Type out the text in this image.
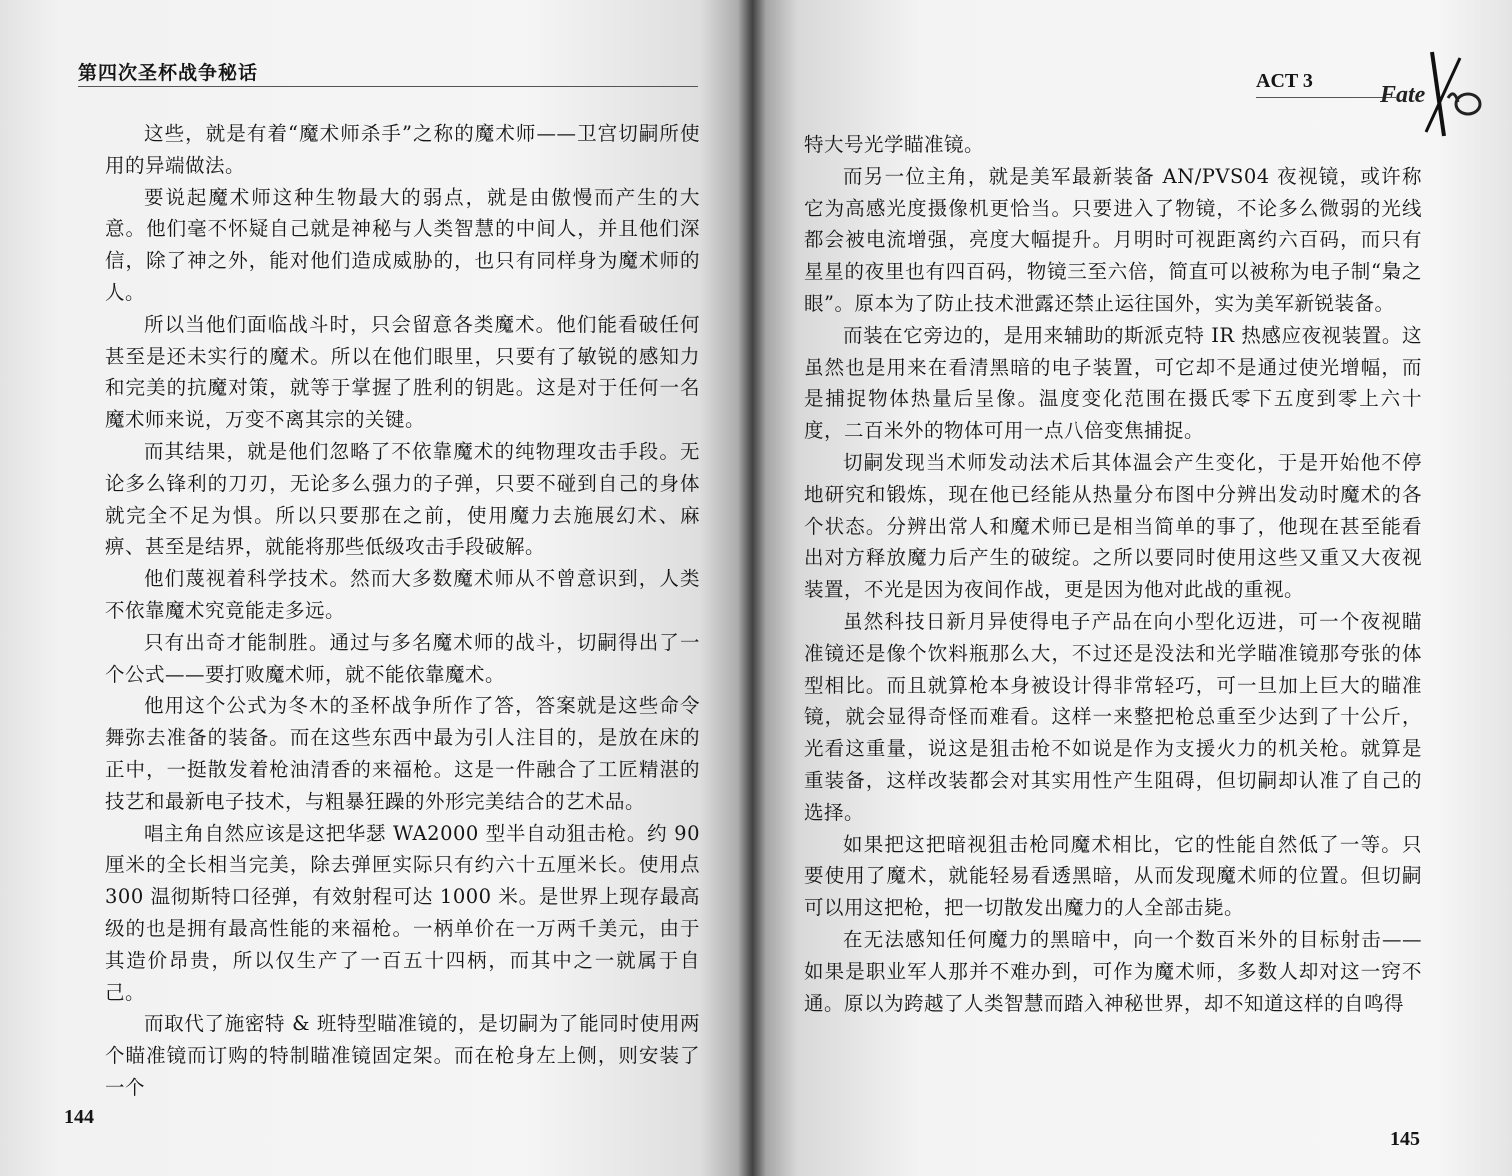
第四次圣杯战争秘话

这些，就是有着“魔术师杀手”之称的魔术师——卫宫切嗣所使用的异端做法。

要说起魔术师这种生物最大的弱点，就是由傲慢而产生的大意。他们毫不怀疑自己就是神秘与人类智慧的中间人，并且他们深信，除了神之外，能对他们造成威胁的，也只有同样身为魔术师的人。

所以当他们面临战斗时，只会留意各类魔术。他们能看破任何甚至是还未实行的魔术。所以在他们眼里，只要有了敏锐的感知力和完美的抗魔对策，就等于掌握了胜利的钥匙。这是对于任何一名魔术师来说，万变不离其宗的关键。

而其结果，就是他们忽略了不依靠魔术的纯物理攻击手段。无论多么锋利的刀刃，无论多么强力的子弹，只要不碰到自己的身体就完全不足为惧。所以只要那在之前，使用魔力去施展幻术、麻痹、甚至是结界，就能将那些低级攻击手段破解。

他们蔑视着科学技术。然而大多数魔术师从不曾意识到，人类不依靠魔术究竟能走多远。

只有出奇才能制胜。通过与多名魔术师的战斗，切嗣得出了一个公式——要打败魔术师，就不能依靠魔术。

他用这个公式为冬木的圣杯战争所作了答，答案就是这些命令舞弥去准备的装备。而在这些东西中最为引人注目的，是放在床的正中，一挺散发着枪油清香的来福枪。这是一件融合了工匠精湛的技艺和最新电子技术，与粗暴狂躁的外形完美结合的艺术品。

唱主角自然应该是这把华瑟 WA2000 型半自动狙击枪。约 90 厘米的全长相当完美，除去弹匣实际只有约六十五厘米长。使用点 300 温彻斯特口径弹，有效射程可达 1000 米。是世界上现存最高级的也是拥有最高性能的来福枪。一柄单价在一万两千美元，由于其造价昂贵，所以仅生产了一百五十四柄，而其中之一就属于自己。

而取代了施密特 & 班特型瞄准镜的，是切嗣为了能同时使用两个瞄准镜而订购的特制瞄准镜固定架。而在枪身左上侧，则安装了一个

144
ACT 3
Fate

特大号光学瞄准镜。

而另一位主角，就是美军最新装备 AN/PVS04 夜视镜，或许称它为高感光度摄像机更恰当。只要进入了物镜，不论多么微弱的光线都会被电流增强，亮度大幅提升。月明时可视距离约六百码，而只有星星的夜里也有四百码，物镜三至六倍，简直可以被称为电子制“梟之眼”。原本为了防止技术泄露还禁止运往国外，实为美军新锐装备。

而装在它旁边的，是用来辅助的斯派克特 IR 热感应夜视装置。这虽然也是用来在看清黑暗的电子装置，可它却不是通过使光增幅，而是捕捉物体热量后呈像。温度变化范围在摄氏零下五度到零上六十度，二百米外的物体可用一点八倍变焦捕捉。

切嗣发现当术师发动法术后其体温会产生变化，于是开始他不停地研究和锻炼，现在他已经能从热量分布图中分辨出发动时魔术的各个状态。分辨出常人和魔术师已是相当简单的事了，他现在甚至能看出对方释放魔力后产生的破绽。之所以要同时使用这些又重又大夜视装置，不光是因为夜间作战，更是因为他对此战的重视。

虽然科技日新月异使得电子产品在向小型化迈进，可一个夜视瞄准镜还是像个饮料瓶那么大，不过还是没法和光学瞄准镜那夸张的体型相比。而且就算枪本身被设计得非常轻巧，可一旦加上巨大的瞄准镜，就会显得奇怪而难看。这样一来整把枪总重至少达到了十公斤，光看这重量，说这是狙击枪不如说是作为支援火力的机关枪。就算是重装备，这样改装都会对其实用性产生阻碍，但切嗣却认准了自己的选择。

如果把这把暗视狙击枪同魔术相比，它的性能自然低了一等。只要使用了魔术，就能轻易看透黑暗，从而发现魔术师的位置。但切嗣可以用这把枪，把一切散发出魔力的人全部击毙。

在无法感知任何魔力的黑暗中，向一个数百米外的目标射击——如果是职业军人那并不难办到，可作为魔术师，多数人却对这一窍不通。原以为跨越了人类智慧而踏入神秘世界，却不知道这样的自鸣得

145
